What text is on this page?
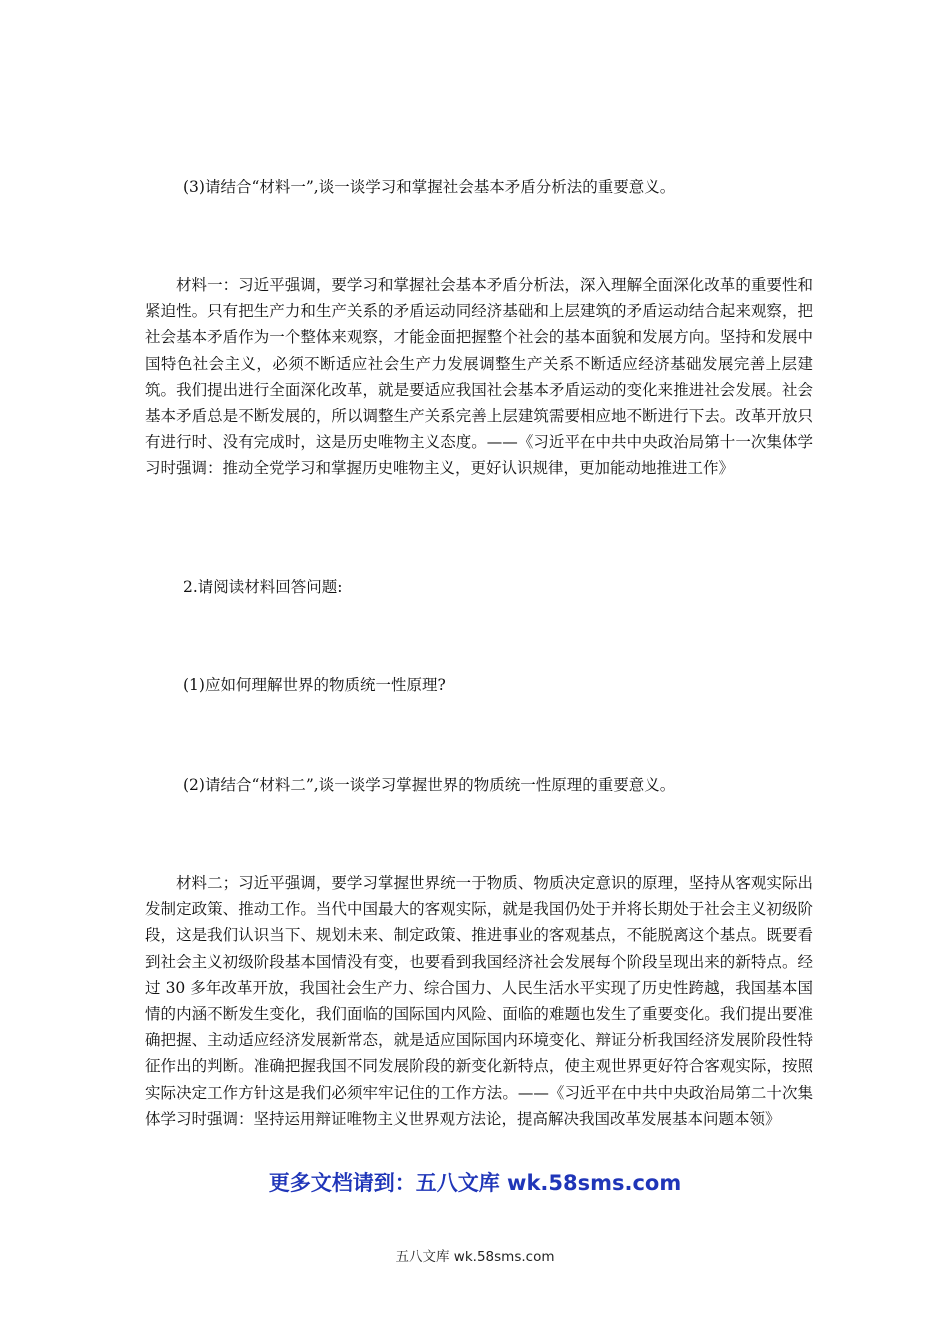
(3)请结合“材料一”,谈一谈学习和掌握社会基本矛盾分析法的重要意义。

材料一：习近平强调，要学习和掌握社会基本矛盾分析法，深入理解全面深化改革的重要性和紧迫性。只有把生产力和生产关系的矛盾运动同经济基础和上层建筑的矛盾运动结合起来观察，把社会基本矛盾作为一个整体来观察，才能金面把握整个社会的基本面貌和发展方向。坚持和发展中国特色社会主义，必须不断适应社会生产力发展调整生产关系不断适应经济基础发展完善上层建筑。我们提出进行全面深化改革，就是要适应我国社会基本矛盾运动的变化来推进社会发展。社会基本矛盾总是不断发展的，所以调整生产关系完善上层建筑需要相应地不断进行下去。改革开放只有进行时、没有完成时，这是历史唯物主义态度。——《习近平在中共中央政治局第十一次集体学习时强调：推动全党学习和掌握历史唯物主义，更好认识规律，更加能动地推进工作》

2.请阅读材料回答问题:
(1)应如何理解世界的物质统一性原理?
(2)请结合“材料二”,谈一谈学习掌握世界的物质统一性原理的重要意义。

材料二；习近平强调，要学习掌握世界统一于物质、物质决定意识的原理，坚持从客观实际出发制定政策、推动工作。当代中国最大的客观实际，就是我国仍处于并将长期处于社会主义初级阶段，这是我们认识当下、规划未来、制定政策、推进事业的客观基点，不能脱离这个基点。既要看到社会主义初级阶段基本国情没有变，也要看到我国经济社会发展每个阶段呈现出来的新特点。经过 30 多年改革开放，我国社会生产力、综合国力、人民生活水平实现了历史性跨越，我国基本国情的内涵不断发生变化，我们面临的国际国内风险、面临的难题也发生了重要变化。我们提出要准确把握、主动适应经济发展新常态，就是适应国际国内环境变化、辩证分析我国经济发展阶段性特征作出的判断。准确把握我国不同发展阶段的新变化新特点，使主观世界更好符合客观实际，按照实际决定工作方针这是我们必须牢牢记住的工作方法。——《习近平在中共中央政治局第二十次集体学习时强调：坚持运用辩证唯物主义世界观方法论，提高解决我国改革发展基本问题本领》

更多文档请到：五八文库 wk.58sms.com
五八文库 wk.58sms.com
